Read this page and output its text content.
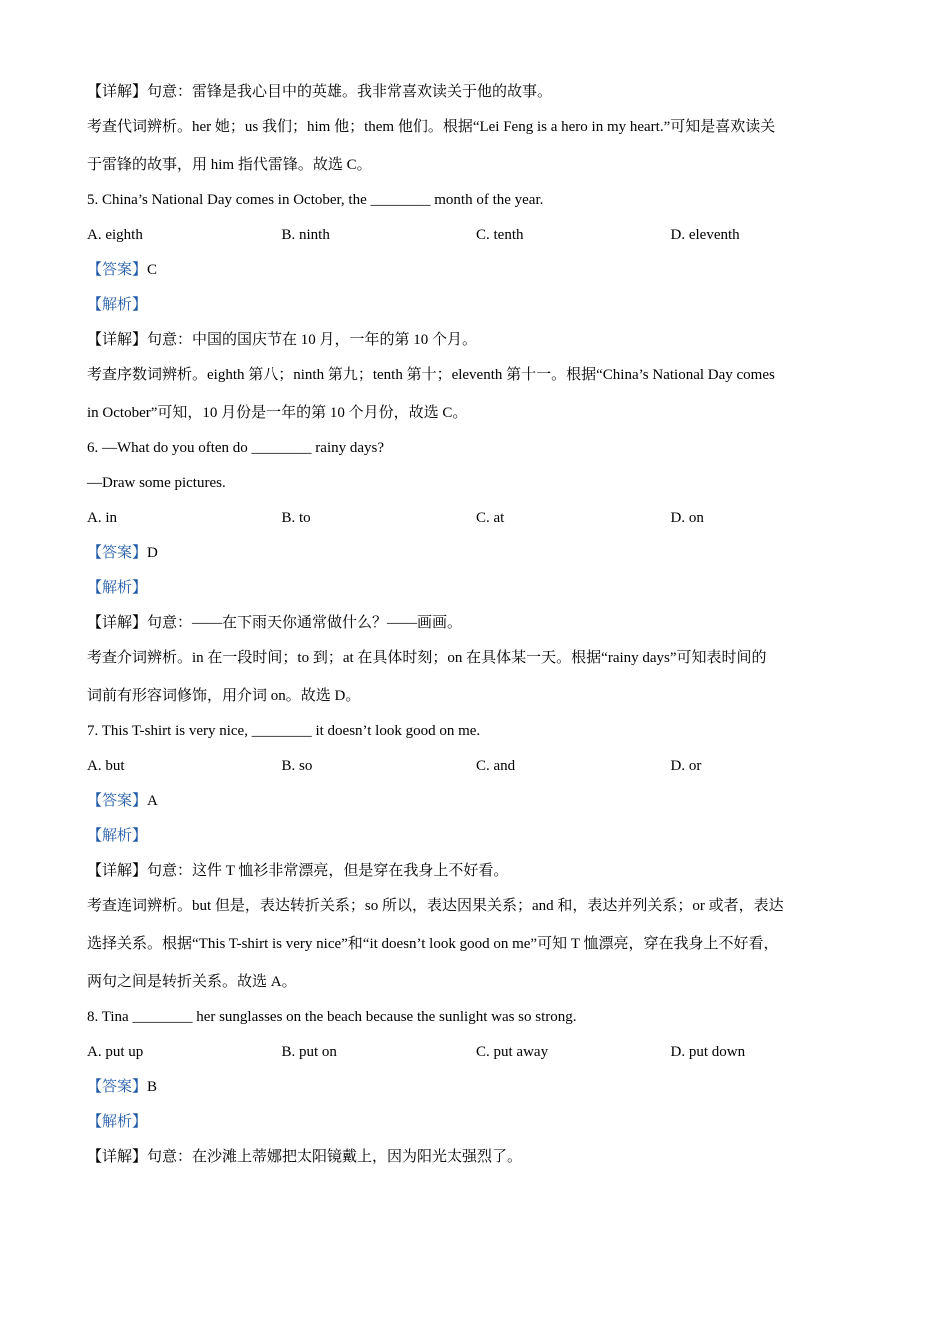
【详解】句意：雷锋是我心目中的英雄。我非常喜欢读关于他的故事。
考查代词辨析。her 她；us 我们；him 他；them 他们。根据“Lei Feng is a hero in my heart.”可知是喜欢读关
于雷锋的故事，用 him 指代雷锋。故选 C。
5. China’s National Day comes in October, the ________ month of the year.
A. eighth	B. ninth	C. tenth	D. eleventh
【答案】C
【解析】
【详解】句意：中国的国庆节在 10 月，一年的第 10 个月。
考查序数词辨析。eighth 第八；ninth 第九；tenth 第十；eleventh 第十一。根据“China’s National Day comes
in October”可知，10 月份是一年的第 10 个月份，故选 C。
6. —What do you often do ________ rainy days?
—Draw some pictures.
A. in	B. to	C. at	D. on
【答案】D
【解析】
【详解】句意：——在下雨天你通常做什么？——画画。
考查介词辨析。in 在一段时间；to 到；at 在具体时刻；on 在具体某一天。根据“rainy days”可知表时间的
词前有形容词修饰，用介词 on。故选 D。
7. This T-shirt is very nice, ________ it doesn’t look good on me.
A. but	B. so	C. and	D. or
【答案】A
【解析】
【详解】句意：这件 T 恤衫非常漂亮，但是穿在我身上不好看。
考查连词辨析。but 但是，表达转折关系；so 所以，表达因果关系；and 和，表达并列关系；or 或者，表达
选择关系。根据“This T-shirt is very nice”和“it doesn’t look good on me”可知 T 恤漂亮，穿在我身上不好看，
两句之间是转折关系。故选 A。
8. Tina ________ her sunglasses on the beach because the sunlight was so strong.
A. put up	B. put on	C. put away	D. put down
【答案】B
【解析】
【详解】句意：在沙滩上蒂娜把太阳镜戴上，因为阳光太强烈了。
